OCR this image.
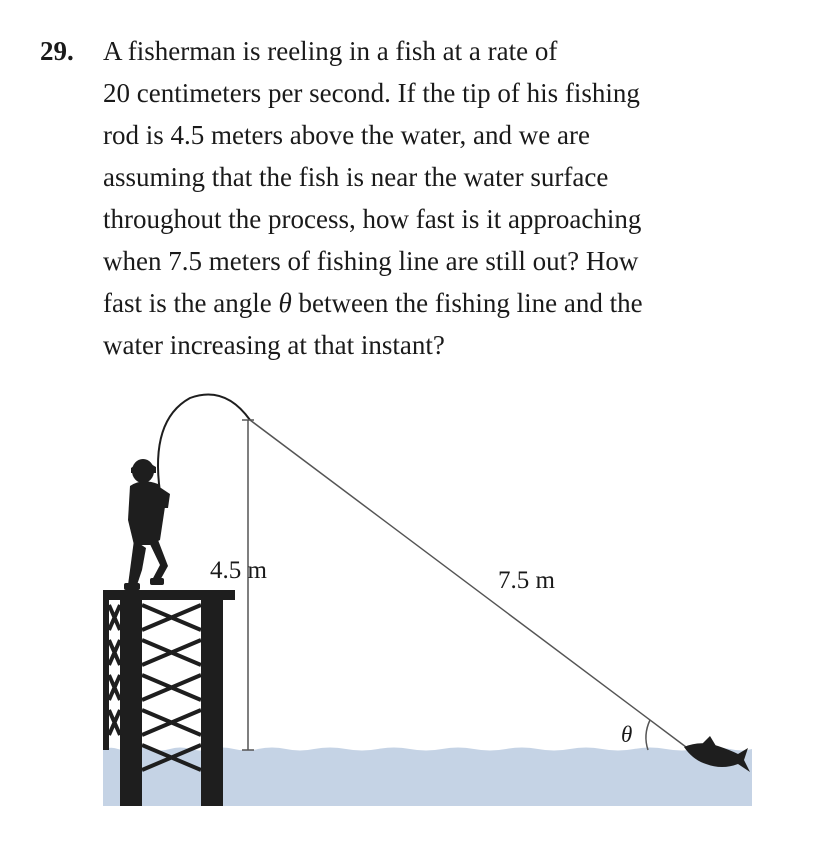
29. A fisherman is reeling in a fish at a rate of
20 centimeters per second. If the tip of his fishing
rod is 4.5 meters above the water, and we are
assuming that the fish is near the water surface
throughout the process, how fast is it approaching
when 7.5 meters of fishing line are still out? How
fast is the angle θ between the fishing line and the
water increasing at that instant?
4.5 m	7.5 m
θ
